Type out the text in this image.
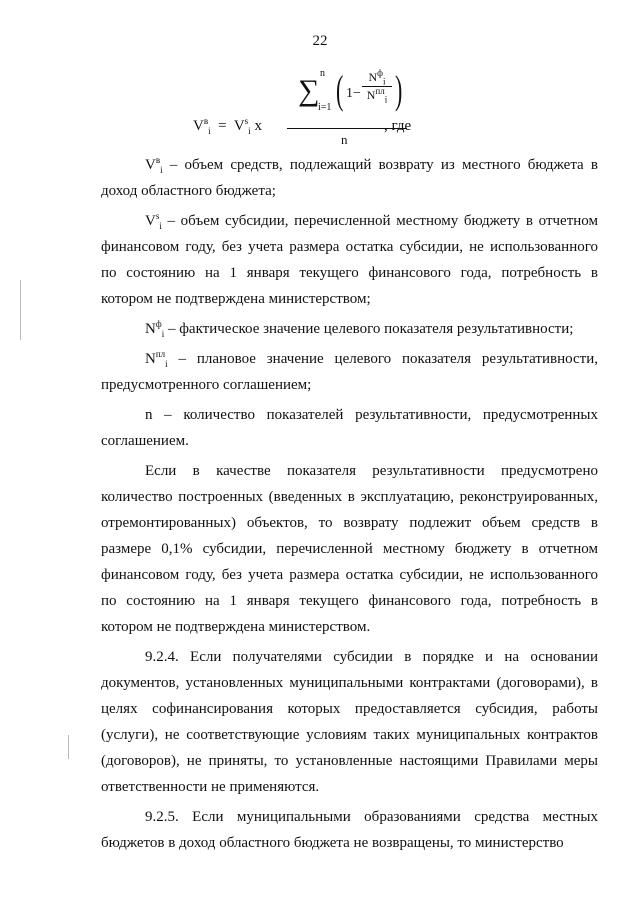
22
$V^в_i = V^s_i$ x
n
∑
i=1 ( 1−
$N^ф_i$
$N^{пл}_i$ )
n
, где

$V^в_i$ – объем средств, подлежащий возврату из местного бюджета в доход областного бюджета;

$V^s_i$ – объем субсидии, перечисленной местному бюджету в отчетном финансовом году, без учета размера остатка субсидии, не использованного по состоянию на 1 января текущего финансового года, потребность в котором не подтверждена министерством;

$N^ф_i$ – фактическое значение целевого показателя результативности;

$N^{пл}_i$ – плановое значение целевого показателя результативности, предусмотренного соглашением;

n – количество показателей результативности, предусмотренных соглашением.

Если в качестве показателя результативности предусмотрено количество построенных (введенных в эксплуатацию, реконструированных, отремонтированных) объектов, то возврату подлежит объем средств в размере 0,1% субсидии, перечисленной местному бюджету в отчетном финансовом году, без учета размера остатка субсидии, не использованного по состоянию на 1 января текущего финансового года, потребность в котором не подтверждена министерством.

9.2.4. Если получателями субсидии в порядке и на основании документов, установленных муниципальными контрактами (договорами), в целях софинансирования которых предоставляется субсидия, работы (услуги), не соответствующие условиям таких муниципальных контрактов (договоров), не приняты, то установленные настоящими Правилами меры ответственности не применяются.

9.2.5. Если муниципальными образованиями средства местных бюджетов в доход областного бюджета не возвращены, то министерство
